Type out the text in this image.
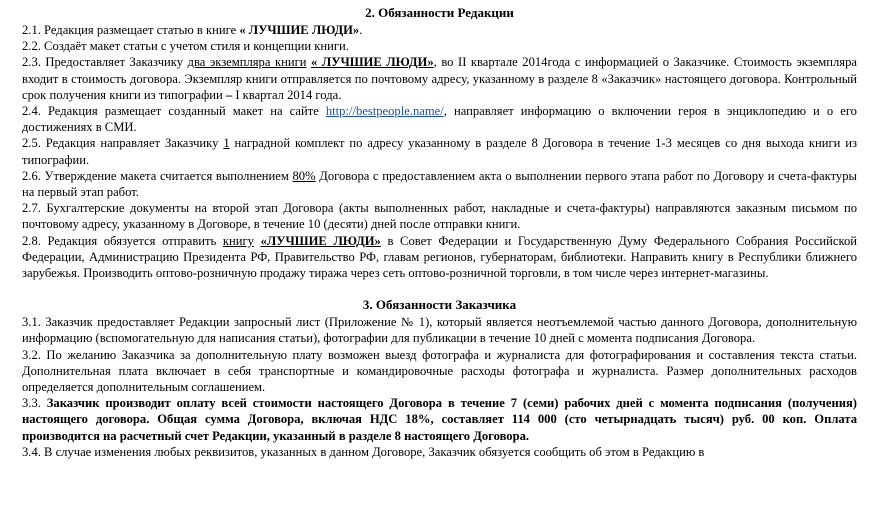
2. Обязанности Редакции

2.1. Редакция размещает статью в книге « ЛУЧШИЕ ЛЮДИ».

2.2. Создаёт макет статьи с учетом стиля и концепции книги.

2.3. Предоставляет Заказчику два экземпляра книги « ЛУЧШИЕ ЛЮДИ», во II квартале 2014года с информацией о Заказчике. Стоимость экземпляра входит в стоимость договора. Экземпляр книги отправляется по почтовому адресу, указанному в разделе 8 «Заказчик» настоящего договора. Контрольный срок получения книги из типографии – I квартал 2014 года.

2.4. Редакция размещает созданный макет на сайте http://bestpeople.name/, направляет информацию о включении героя в энциклопедию и о его достижениях в СМИ.

2.5. Редакция направляет Заказчику 1 наградной комплект по адресу указанному в разделе 8 Договора в течение 1-3 месяцев со дня выхода книги из типографии.

2.6. Утверждение макета считается выполнением 80% Договора с предоставлением акта о выполнении первого этапа работ по Договору и счета-фактуры на первый этап работ.

2.7. Бухгалтерские документы на второй этап Договора (акты выполненных работ, накладные и счета-фактуры) направляются заказным письмом по почтовому адресу, указанному в Договоре, в течение 10 (десяти) дней после отправки книги.

2.8. Редакция обязуется отправить книгу «ЛУЧШИЕ ЛЮДИ» в Совет Федерации и Государственную Думу Федерального Собрания Российской Федерации, Администрацию Президента РФ, Правительство РФ, главам регионов, губернаторам, библиотеки. Направить книгу в Республики ближнего зарубежья. Производить оптово-розничную продажу тиража через сеть оптово-розничной торговли, в том числе через интернет-магазины.

3. Обязанности Заказчика

3.1. Заказчик предоставляет Редакции запросный лист (Приложение № 1), который является неотъемлемой частью данного Договора, дополнительную информацию (вспомогательную для написания статьи), фотографии для публикации в течение 10 дней с момента подписания Договора.

3.2. По желанию Заказчика за дополнительную плату возможен выезд фотографа и журналиста для фотографирования и составления текста статьи. Дополнительная плата включает в себя транспортные и командировочные расходы фотографа и журналиста. Размер дополнительных расходов определяется дополнительным соглашением.

3.3. Заказчик производит оплату всей стоимости настоящего Договора в течение 7 (семи) рабочих дней с момента подписания (получения) настоящего договора. Общая сумма Договора, включая НДС 18%, составляет 114 000 (сто четырнадцать тысяч) руб. 00 коп. Оплата производится на расчетный счет Редакции, указанный в разделе 8 настоящего Договора.

3.4. В случае изменения любых реквизитов, указанных в данном Договоре, Заказчик обязуется сообщить об этом в Редакцию в
